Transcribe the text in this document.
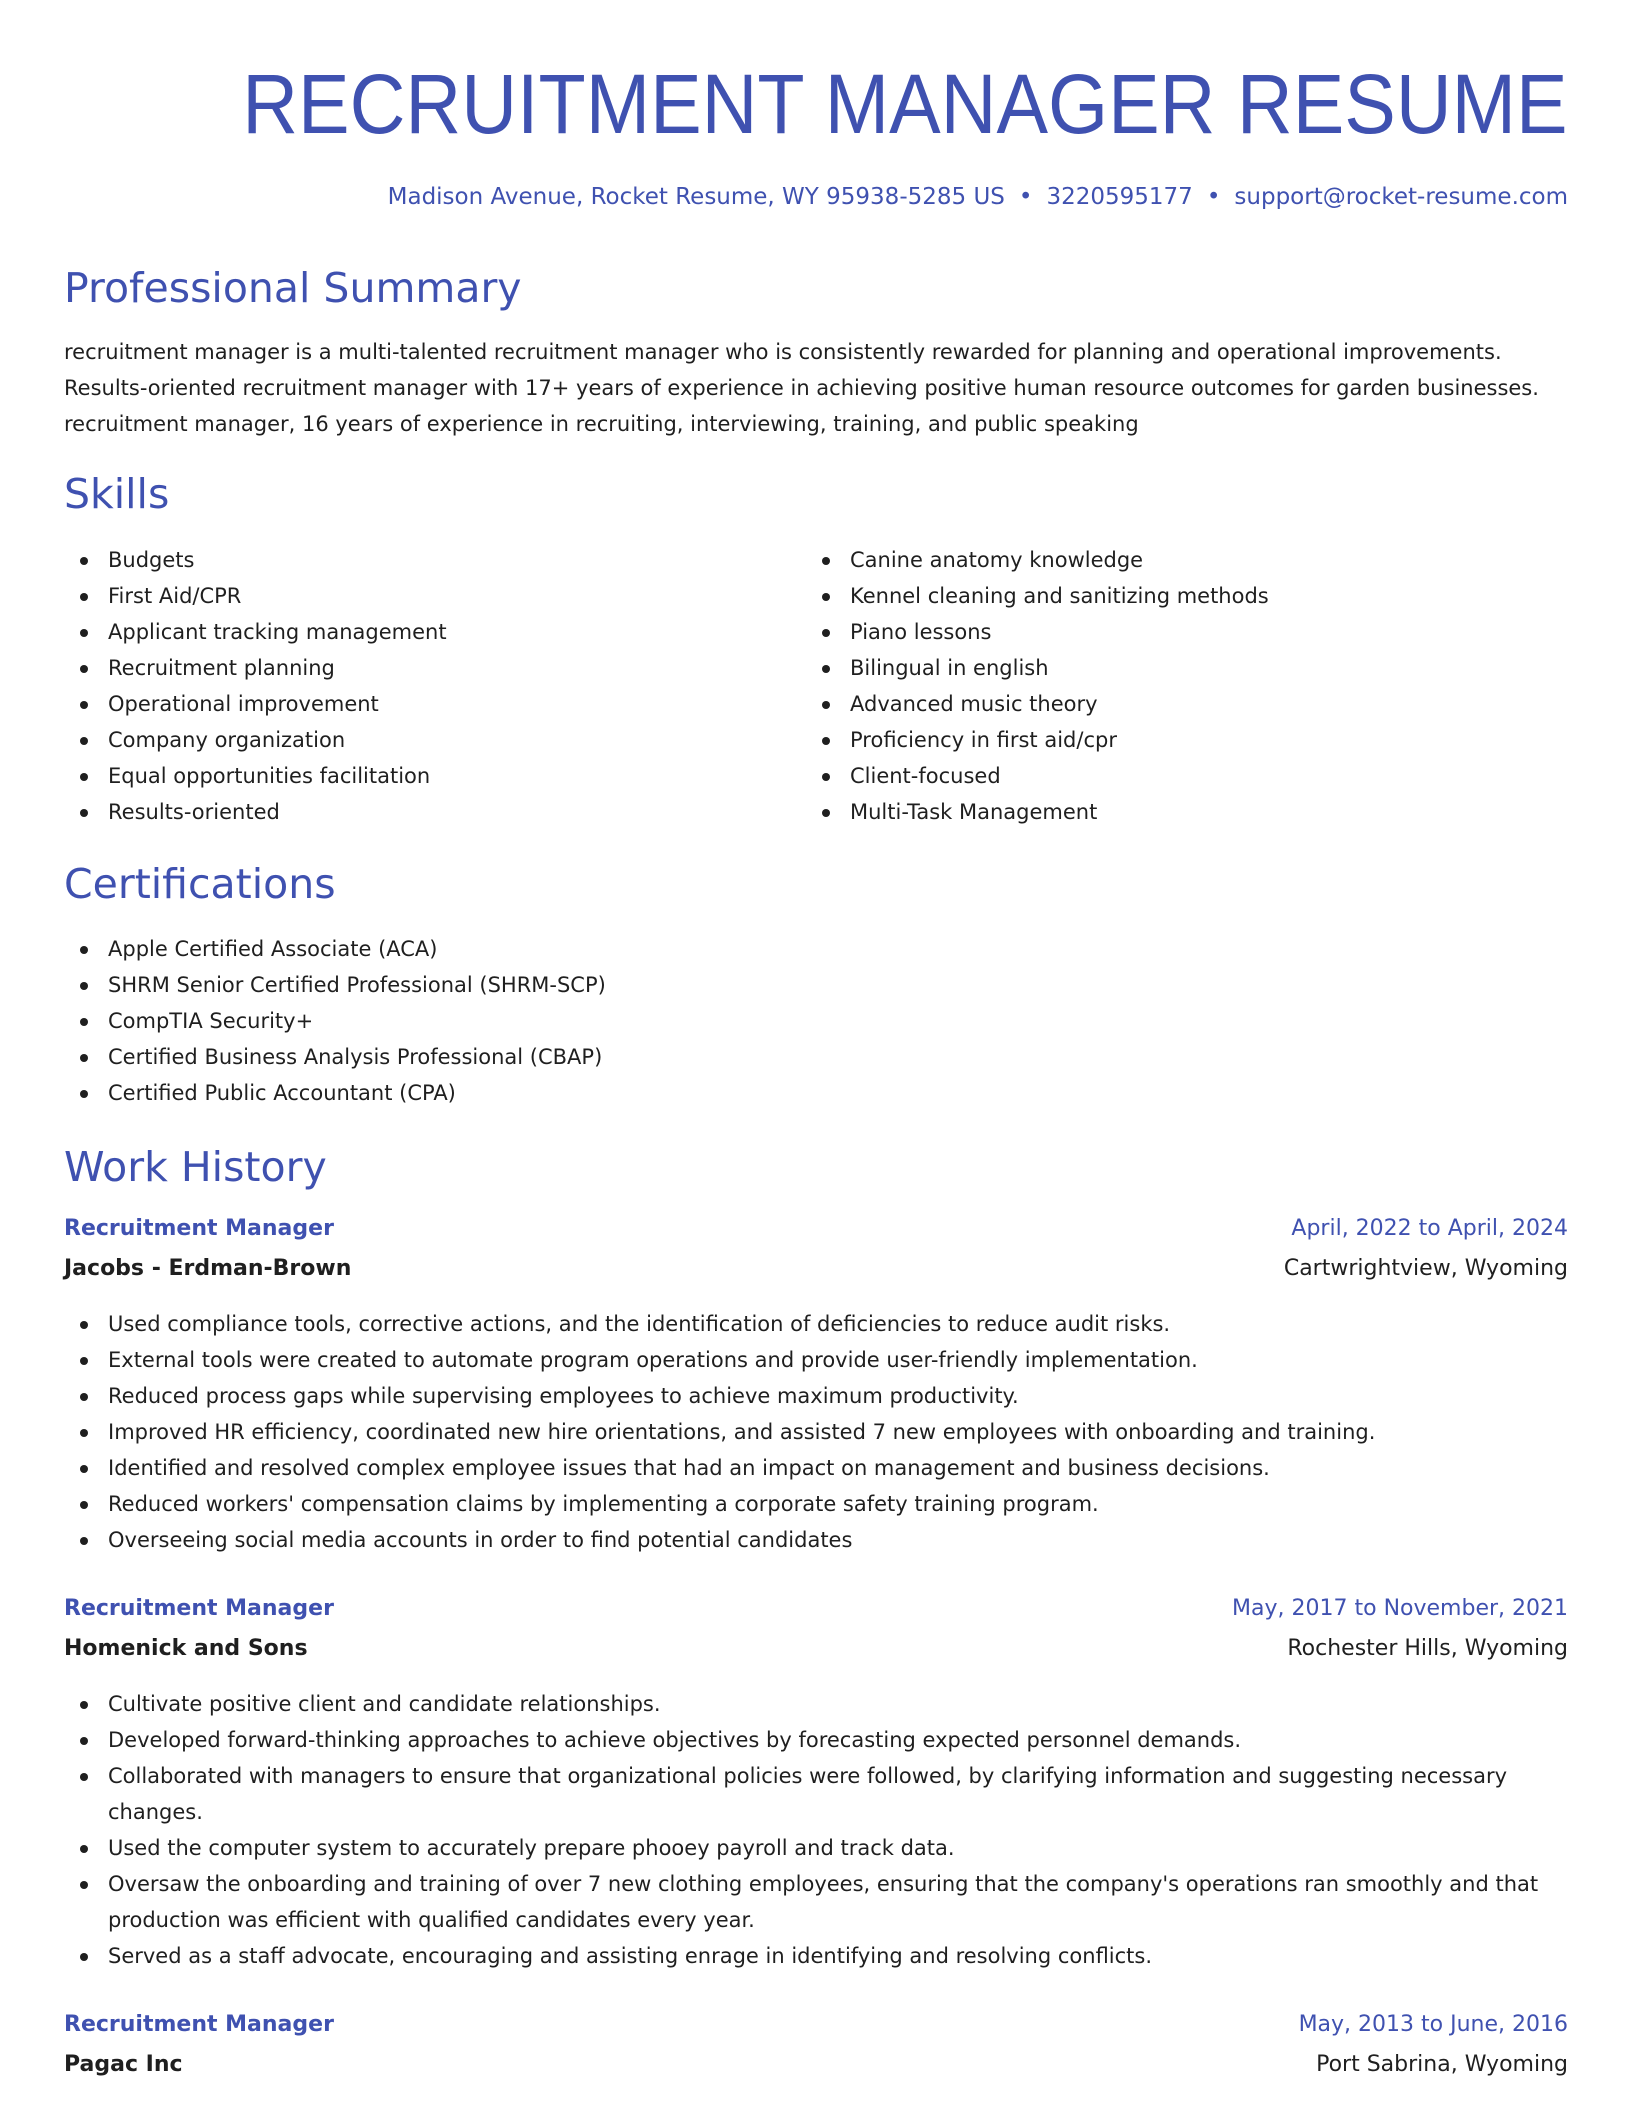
RECRUITMENT MANAGER RESUME
Madison Avenue, Rocket Resume, WY 95938-5285 US • 3220595177 • support@rocket-resume.com
Professional Summary

recruitment manager is a multi-talented recruitment manager who is consistently rewarded for planning and operational improvements.

Results-oriented recruitment manager with 17+ years of experience in achieving positive human resource outcomes for garden businesses.

recruitment manager, 16 years of experience in recruiting, interviewing, training, and public speaking

Skills
Budgets
First Aid/CPR
Applicant tracking management
Recruitment planning
Operational improvement
Company organization
Equal opportunities facilitation
Results-oriented
Canine anatomy knowledge
Kennel cleaning and sanitizing methods
Piano lessons
Bilingual in english
Advanced music theory
Proficiency in first aid/cpr
Client-focused
Multi-Task Management
Certifications
Apple Certified Associate (ACA)
SHRM Senior Certified Professional (SHRM-SCP)
CompTIA Security+
Certified Business Analysis Professional (CBAP)
Certified Public Accountant (CPA)
Work History
Recruitment Manager	April, 2022 to April, 2024
Jacobs - Erdman-Brown	Cartwrightview, Wyoming
Used compliance tools, corrective actions, and the identification of deficiencies to reduce audit risks.
External tools were created to automate program operations and provide user-friendly implementation.
Reduced process gaps while supervising employees to achieve maximum productivity.
Improved HR efficiency, coordinated new hire orientations, and assisted 7 new employees with onboarding and training.
Identified and resolved complex employee issues that had an impact on management and business decisions.
Reduced workers' compensation claims by implementing a corporate safety training program.
Overseeing social media accounts in order to find potential candidates
Recruitment Manager	May, 2017 to November, 2021
Homenick and Sons	Rochester Hills, Wyoming
Cultivate positive client and candidate relationships.
Developed forward-thinking approaches to achieve objectives by forecasting expected personnel demands.
Collaborated with managers to ensure that organizational policies were followed, by clarifying information and suggesting necessary changes.
Used the computer system to accurately prepare phooey payroll and track data.
Oversaw the onboarding and training of over 7 new clothing employees, ensuring that the company's operations ran smoothly and that production was efficient with qualified candidates every year.
Served as a staff advocate, encouraging and assisting enrage in identifying and resolving conflicts.
Recruitment Manager	May, 2013 to June, 2016
Pagac Inc	Port Sabrina, Wyoming
